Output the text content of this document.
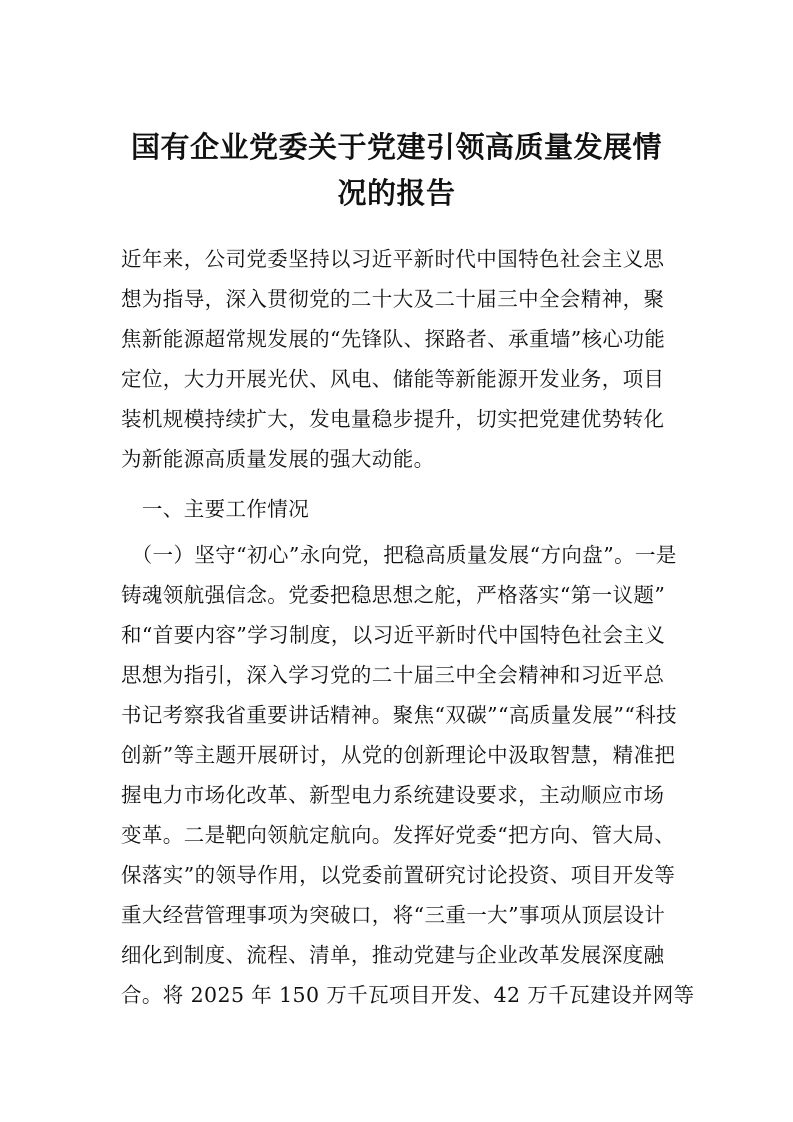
国有企业党委关于党建引领高质量发展情
况的报告
近年来，公司党委坚持以习近平新时代中国特色社会主义思
想为指导，深入贯彻党的二十大及二十届三中全会精神，聚
焦新能源超常规发展的“先锋队、探路者、承重墙”核心功能
定位，大力开展光伏、风电、储能等新能源开发业务，项目
装机规模持续扩大，发电量稳步提升，切实把党建优势转化
为新能源高质量发展的强大动能。
　一、主要工作情况
　（一）坚守“初心”永向党，把稳高质量发展“方向盘”。一是
铸魂领航强信念。党委把稳思想之舵，严格落实“第一议题”
和“首要内容”学习制度，以习近平新时代中国特色社会主义
思想为指引，深入学习党的二十届三中全会精神和习近平总
书记考察我省重要讲话精神。聚焦“双碳”“高质量发展”“科技
创新”等主题开展研讨，从党的创新理论中汲取智慧，精准把
握电力市场化改革、新型电力系统建设要求，主动顺应市场
变革。二是靶向领航定航向。发挥好党委“把方向、管大局、
保落实”的领导作用，以党委前置研究讨论投资、项目开发等
重大经营管理事项为突破口，将“三重一大”事项从顶层设计
细化到制度、流程、清单，推动党建与企业改革发展深度融
合。将 2025 年 150 万千瓦项目开发、42 万千瓦建设并网等
